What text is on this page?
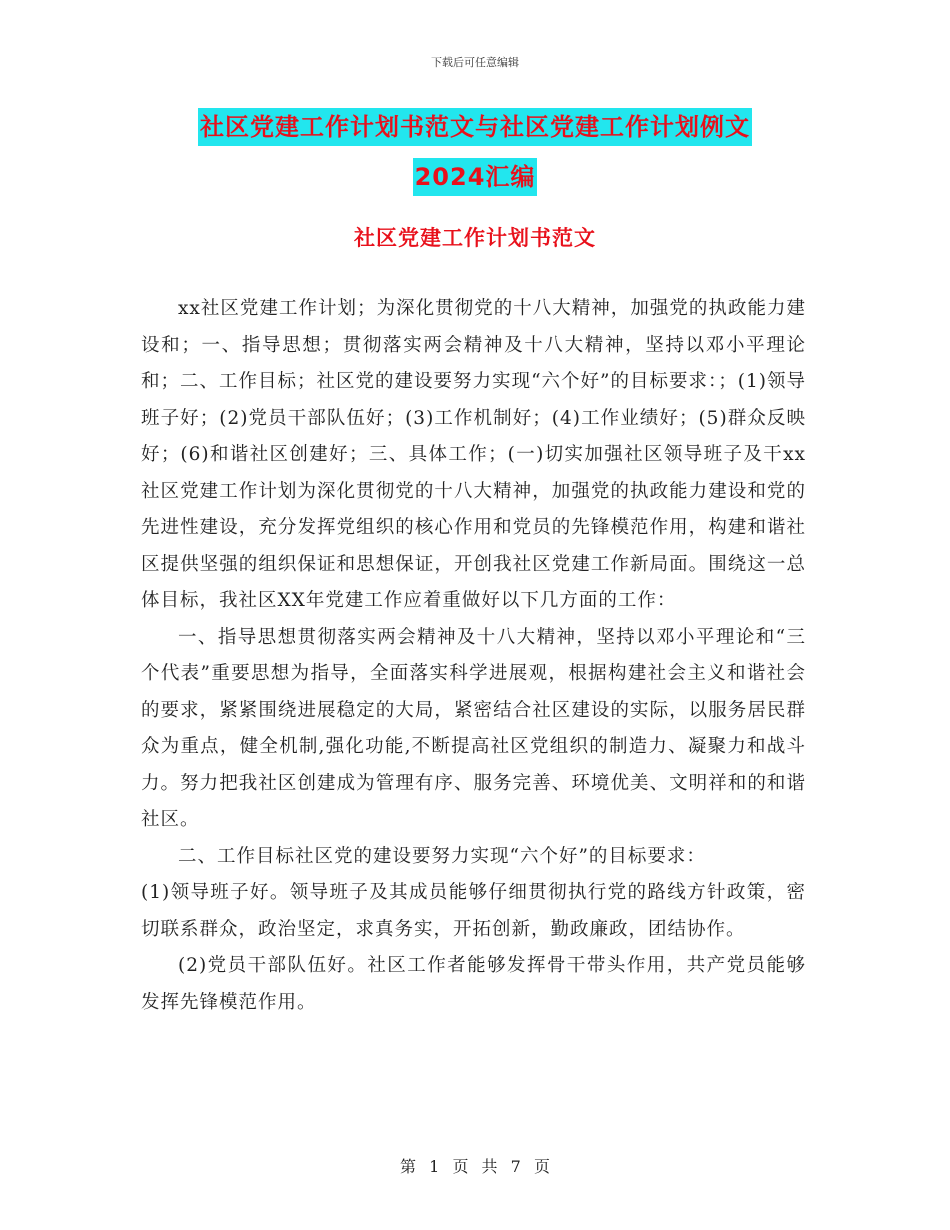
下载后可任意编辑
社区党建工作计划书范文与社区党建工作计划例文
2024汇编
社区党建工作计划书范文

xx社区党建工作计划；为深化贯彻党的十八大精神，加强党的执政能力建设和；一、指导思想；贯彻落实两会精神及十八大精神，坚持以邓小平理论和；二、工作目标；社区党的建设要努力实现“六个好”的目标要求：；(1)领导班子好；(2)党员干部队伍好；(3)工作机制好；(4)工作业绩好；(5)群众反映好；(6)和谐社区创建好；三、具体工作；(一)切实加强社区领导班子及干xx社区党建工作计划为深化贯彻党的十八大精神，加强党的执政能力建设和党的先进性建设，充分发挥党组织的核心作用和党员的先锋模范作用，构建和谐社区提供坚强的组织保证和思想保证，开创我社区党建工作新局面。围绕这一总体目标，我社区XX年党建工作应着重做好以下几方面的工作：

一、指导思想贯彻落实两会精神及十八大精神，坚持以邓小平理论和“三个代表”重要思想为指导，全面落实科学进展观，根据构建社会主义和谐社会的要求，紧紧围绕进展稳定的大局，紧密结合社区建设的实际，以服务居民群众为重点，健全机制,强化功能,不断提高社区党组织的制造力、凝聚力和战斗力。努力把我社区创建成为管理有序、服务完善、环境优美、文明祥和的和谐社区。

二、工作目标社区党的建设要努力实现“六个好”的目标要求：

(1)领导班子好。领导班子及其成员能够仔细贯彻执行党的路线方针政策，密 切联系群众，政治坚定，求真务实，开拓创新，勤政廉政，团结协作。

(2)党员干部队伍好。社区工作者能够发挥骨干带头作用，共产党员能够发挥先锋模范作用。

第 1 页 共 7 页
